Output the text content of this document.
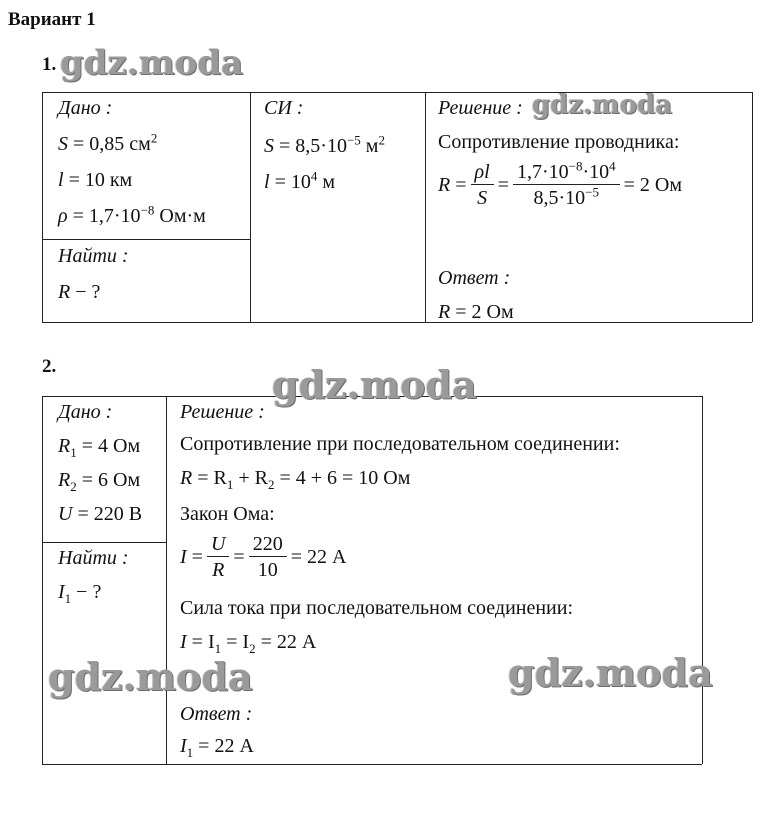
Вариант 1
1.
Дано :
S = 0,85 $см^2$
l = 10 км
$\rho = 1,7\cdot 10^{-8}$ Ом·м
Найти :
R − ?
СИ :
$S = 8,5\cdot 10^{-5}$ $м^2$
$l = 10^4$ м
Решение :
Сопротивление проводника:
$R = \frac{\rho l}{S} = \frac{1,7\cdot 10^{-8}\cdot 10^4}{8,5\cdot 10^{-5}} = 2$ Ом
Ответ :
R = 2 Ом
2.
Дано :
$R_1 = 4$ Ом
$R_2 = 6$ Ом
U = 220 В
Найти :
$I_1$ − ?
Решение :
Сопротивление при последовательном соединении:
$R = R_1 + R_2 = 4 + 6 = 10$ Ом
Закон Ома:
$I = \frac{U}{R} = \frac{220}{10} = 22$ А
Сила тока при последовательном соединении:
$I = I_1 = I_2 = 22$ А
Ответ :
$I_1 = 22$ А
gdz.moda
gdz.moda
gdz.moda
gdz.moda	gdz.moda
